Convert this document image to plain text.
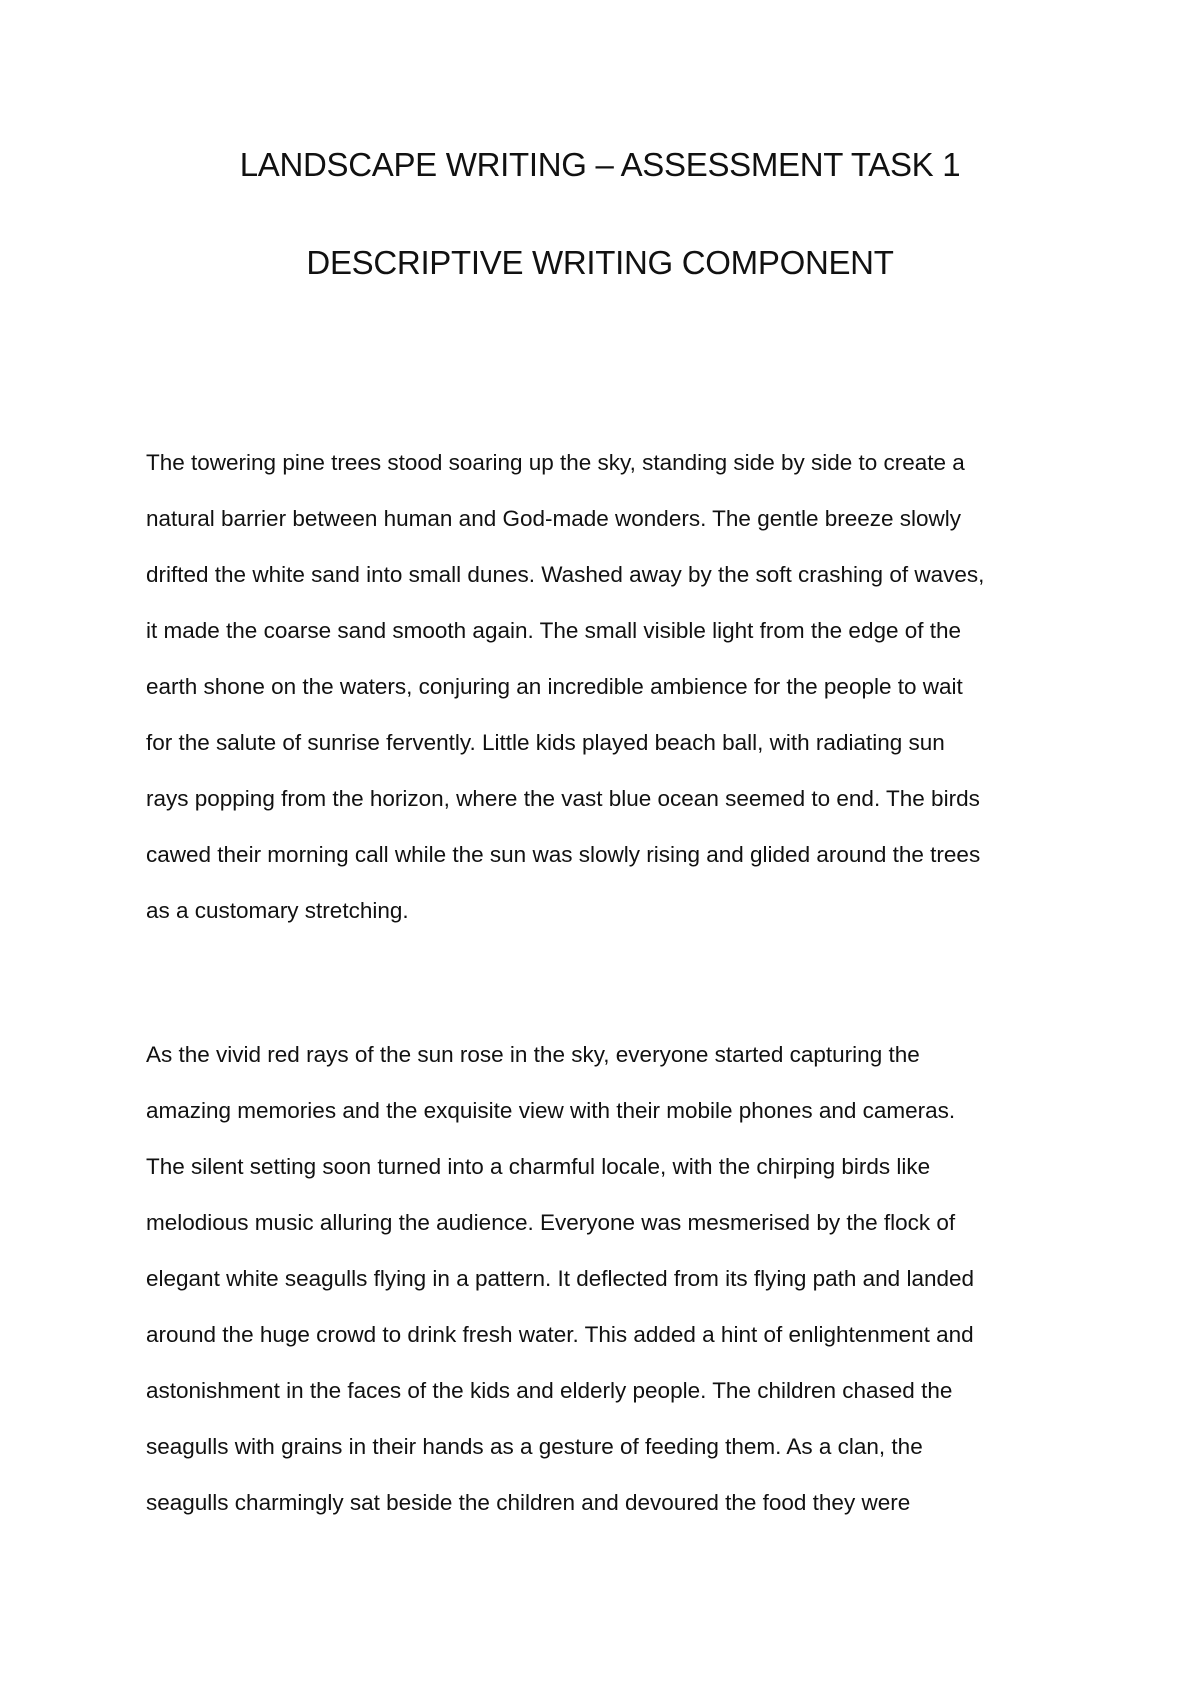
LANDSCAPE WRITING – ASSESSMENT TASK 1
DESCRIPTIVE WRITING COMPONENT

The towering pine trees stood soaring up the sky, standing side by side to create a

natural barrier between human and God-made wonders. The gentle breeze slowly

drifted the white sand into small dunes. Washed away by the soft crashing of waves,

it made the coarse sand smooth again. The small visible light from the edge of the

earth shone on the waters, conjuring an incredible ambience for the people to wait

for the salute of sunrise fervently. Little kids played beach ball, with radiating sun

rays popping from the horizon, where the vast blue ocean seemed to end. The birds

cawed their morning call while the sun was slowly rising and glided around the trees

as a customary stretching.

As the vivid red rays of the sun rose in the sky, everyone started capturing the

amazing memories and the exquisite view with their mobile phones and cameras.

The silent setting soon turned into a charmful locale, with the chirping birds like

melodious music alluring the audience. Everyone was mesmerised by the flock of

elegant white seagulls flying in a pattern. It deflected from its flying path and landed

around the huge crowd to drink fresh water. This added a hint of enlightenment and

astonishment in the faces of the kids and elderly people. The children chased the

seagulls with grains in their hands as a gesture of feeding them. As a clan, the

seagulls charmingly sat beside the children and devoured the food they were
